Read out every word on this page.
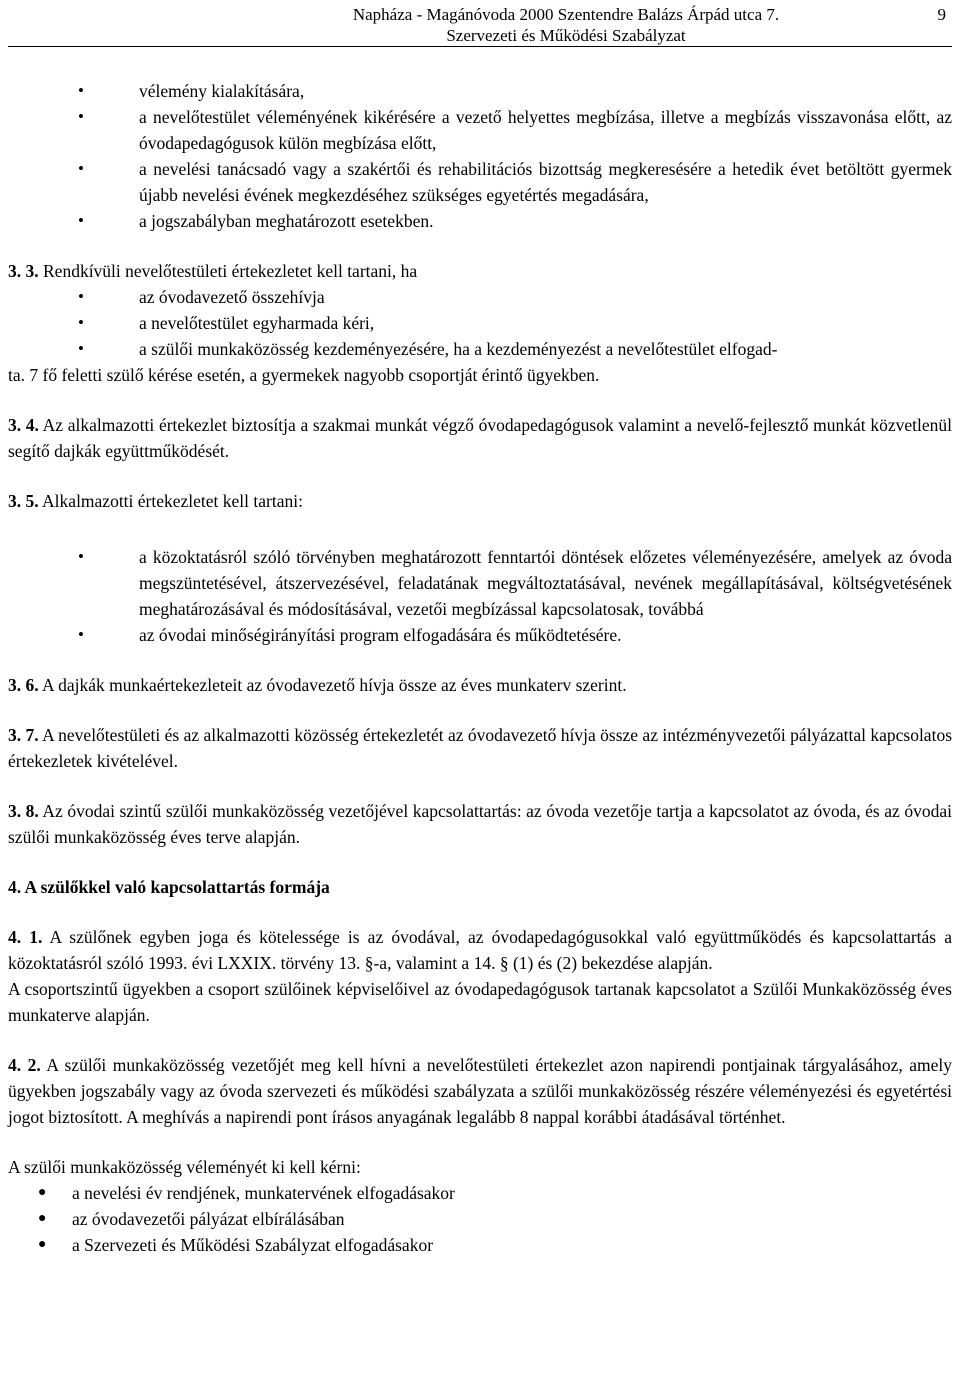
Napháza - Magánóvoda 2000 Szentendre Balázs Árpád utca 7.
Szervezeti és Működési Szabályzat
9
• vélemény kialakítására,
• a nevelőtestület véleményének kikérésére a vezető helyettes megbízása, illetve a megbízás visszavonása előtt, az óvodapedagógusok külön megbízása előtt,
• a nevelési tanácsadó vagy a szakértői és rehabilitációs bizottság megkeresésére a hetedik évet betöltött gyermek újabb nevelési évének megkezdéséhez szükséges egyetértés megadására,
• a jogszabályban meghatározott esetekben.
3. 3. Rendkívüli nevelőtestületi értekezletet kell tartani, ha
• az óvodavezető összehívja
• a nevelőtestület egyharmada kéri,
• a szülői munkaközösség kezdeményezésére, ha a kezdeményezést a nevelőtestület elfogad-
ta. 7 fő feletti szülő kérése esetén, a gyermekek nagyobb csoportját érintő ügyekben.
3. 4. Az alkalmazotti értekezlet biztosítja a szakmai munkát végző óvodapedagógusok valamint a nevelő-fejlesztő munkát közvetlenül segítő dajkák együttműködését.
3. 5. Alkalmazotti értekezletet kell tartani:
• a közoktatásról szóló törvényben meghatározott fenntartói döntések előzetes véleményezésére, amelyek az óvoda megszüntetésével, átszervezésével, feladatának megváltoztatásával, nevének megállapításával, költségvetésének meghatározásával és módosításával, vezetői megbízással kapcsolatosak, továbbá
• az óvodai minőségirányítási program elfogadására és működtetésére.
3. 6. A dajkák munkaértekezleteit az óvodavezető hívja össze az éves munkaterv szerint.
3. 7. A nevelőtestületi és az alkalmazotti közösség értekezletét az óvodavezető hívja össze az intézményvezetői pályázattal kapcsolatos értekezletek kivételével.
3. 8. Az óvodai szintű szülői munkaközösség vezetőjével kapcsolattartás: az óvoda vezetője tartja a kapcsolatot az óvoda, és az óvodai szülői munkaközösség éves terve alapján.
4. A szülőkkel való kapcsolattartás formája
4. 1. A szülőnek egyben joga és kötelessége is az óvodával, az óvodapedagógusokkal való együttműködés és kapcsolattartás a közoktatásról szóló 1993. évi LXXIX. törvény 13. §-a, valamint a 14. § (1) és (2) bekezdése alapján.
A csoportszintű ügyekben a csoport szülőinek képviselőivel az óvodapedagógusok tartanak kapcsolatot a Szülői Munkaközösség éves munkaterve alapján.
4. 2. A szülői munkaközösség vezetőjét meg kell hívni a nevelőtestületi értekezlet azon napirendi pontjainak tárgyalásához, amely ügyekben jogszabály vagy az óvoda szervezeti és működési szabályzata a szülői munkaközösség részére véleményezési és egyetértési jogot biztosított. A meghívás a napirendi pont írásos anyagának legalább 8 nappal korábbi átadásával történhet.
A szülői munkaközösség véleményét ki kell kérni:
● a nevelési év rendjének, munkatervének elfogadásakor
● az óvodavezetői pályázat elbírálásában
● a Szervezeti és Működési Szabályzat elfogadásakor
